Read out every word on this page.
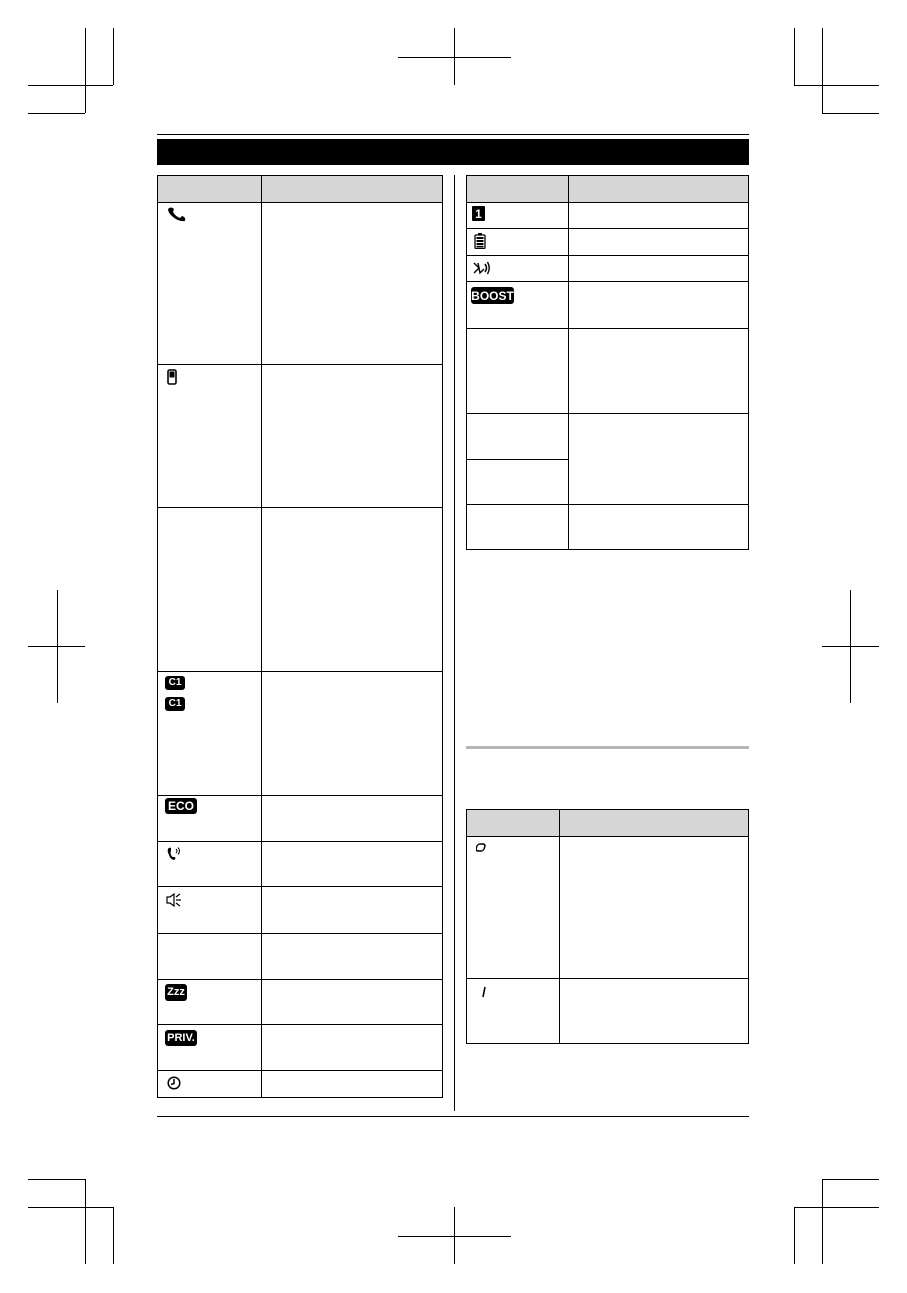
C1
C1
ECO
Zzz
PRIV.
1
BOOST
